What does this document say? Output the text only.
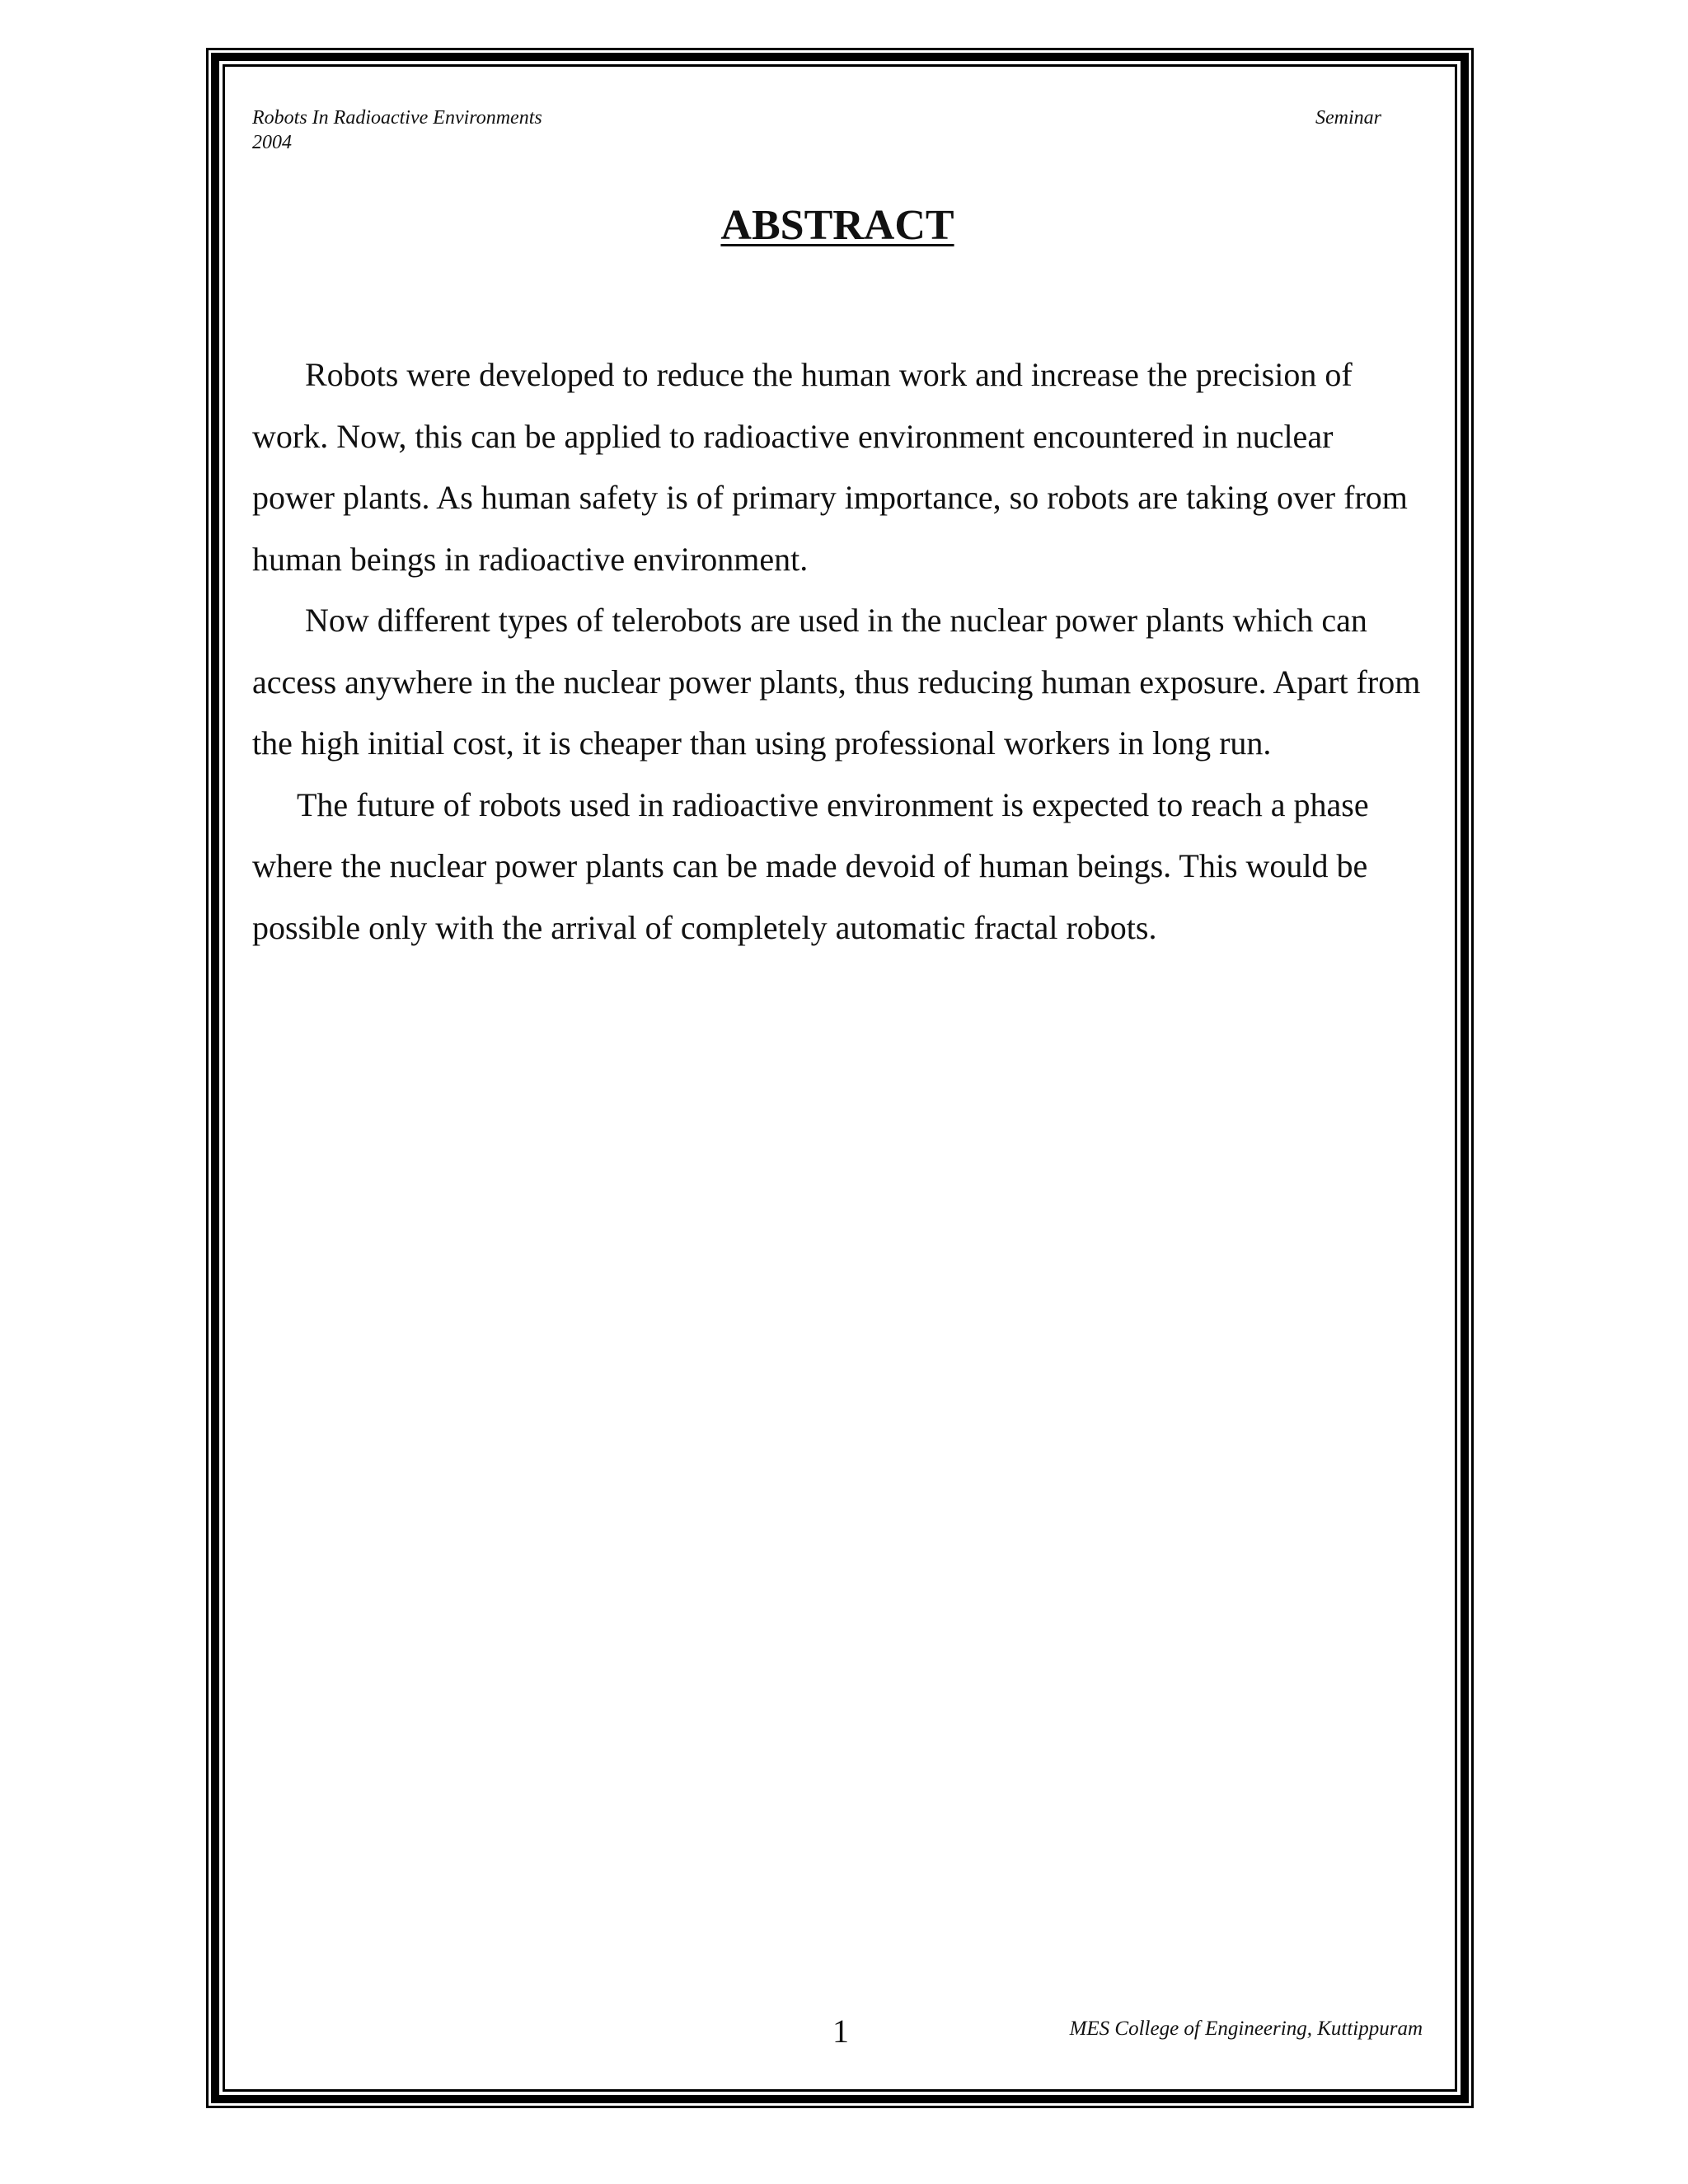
Robots In Radioactive Environments	Seminar
2004
ABSTRACT

Robots were developed to reduce the human work and increase the precision of work. Now, this can be applied to radioactive environment encountered in nuclear power plants. As human safety is of primary importance, so robots are taking over from human beings in radioactive environment.

Now different types of telerobots are used in the nuclear power plants which can access anywhere in the nuclear power plants, thus reducing human exposure. Apart from the high initial cost, it is cheaper than using professional workers in long run.

The future of robots used in radioactive environment is expected to reach a phase where the nuclear power plants can be made devoid of human beings. This would be possible only with the arrival of completely automatic fractal robots.

1	MES College of Engineering, Kuttippuram
